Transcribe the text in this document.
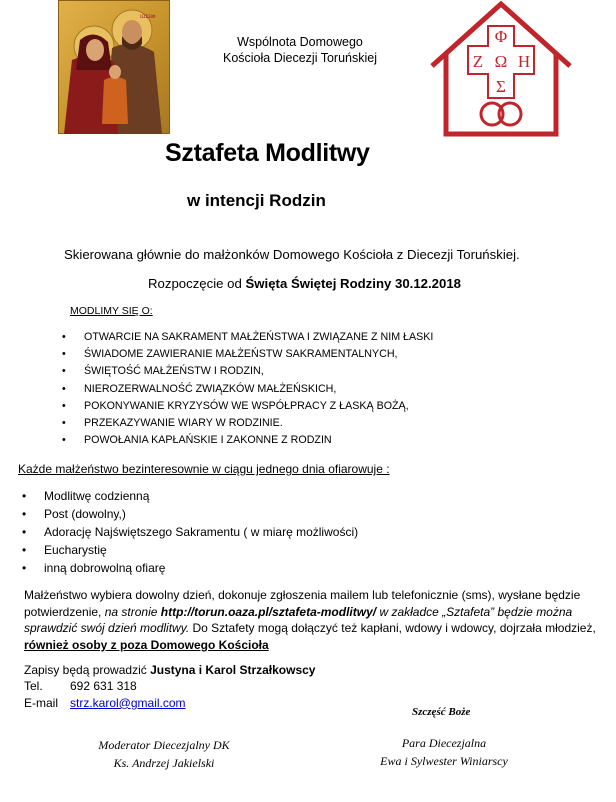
ΙΩΣΗΦ
Wspólnota Domowego
Kościoła Diecezji Toruńskiej
Φ
Ζ Ω Η
Σ
Sztafeta Modlitwy
w intencji Rodzin
Skierowana głównie do małżonków Domowego Kościoła z Diecezji Toruńskiej.
Rozpoczęcie od Święta Świętej Rodziny 30.12.2018
MODLIMY SIĘ O:
• OTWARCIE NA SAKRAMENT MAŁŻEŃSTWA I ZWIĄZANE Z NIM ŁASKI
• ŚWIADOME ZAWIERANIE MAŁŻEŃSTW SAKRAMENTALNYCH,
• ŚWIĘTOŚĆ MAŁŻEŃSTW I RODZIN,
• NIEROZERWALNOŚĆ ZWIĄZKÓW MAŁŻEŃSKICH,
• POKONYWANIE KRYZYSÓW WE WSPÓŁPRACY Z ŁASKĄ BOŻĄ,
• PRZEKAZYWANIE WIARY W RODZINIE.
• POWOŁANIA KAPŁAŃSKIE I ZAKONNE Z RODZIN
Każde małżeństwo bezinteresownie w ciągu jednego dnia ofiarowuje :
• Modlitwę codzienną
• Post (dowolny,)
• Adorację Najświętszego Sakramentu ( w miarę możliwości)
• Eucharystię
• inną dobrowolną ofiarę
Małżeństwo wybiera dowolny dzień, dokonuje zgłoszenia mailem lub telefonicznie (sms), wysłane będzie potwierdzenie, na stronie http://torun.oaza.pl/sztafeta-modlitwy/ w zakładce „Sztafeta” będzie można sprawdzić swój dzień modlitwy. Do Sztafety mogą dołączyć też kapłani, wdowy i wdowcy, dojrzała młodzież, również osoby z poza Domowego Kościoła
Zapisy będą prowadzić Justyna i Karol Strzałkowscy
Tel. 692 631 318
E-mail strz.karol@gmail.com
Szczęść Boże
Moderator Diecezjalny DK
Ks. Andrzej Jakielski
Para Diecezjalna
Ewa i Sylwester Winiarscy
